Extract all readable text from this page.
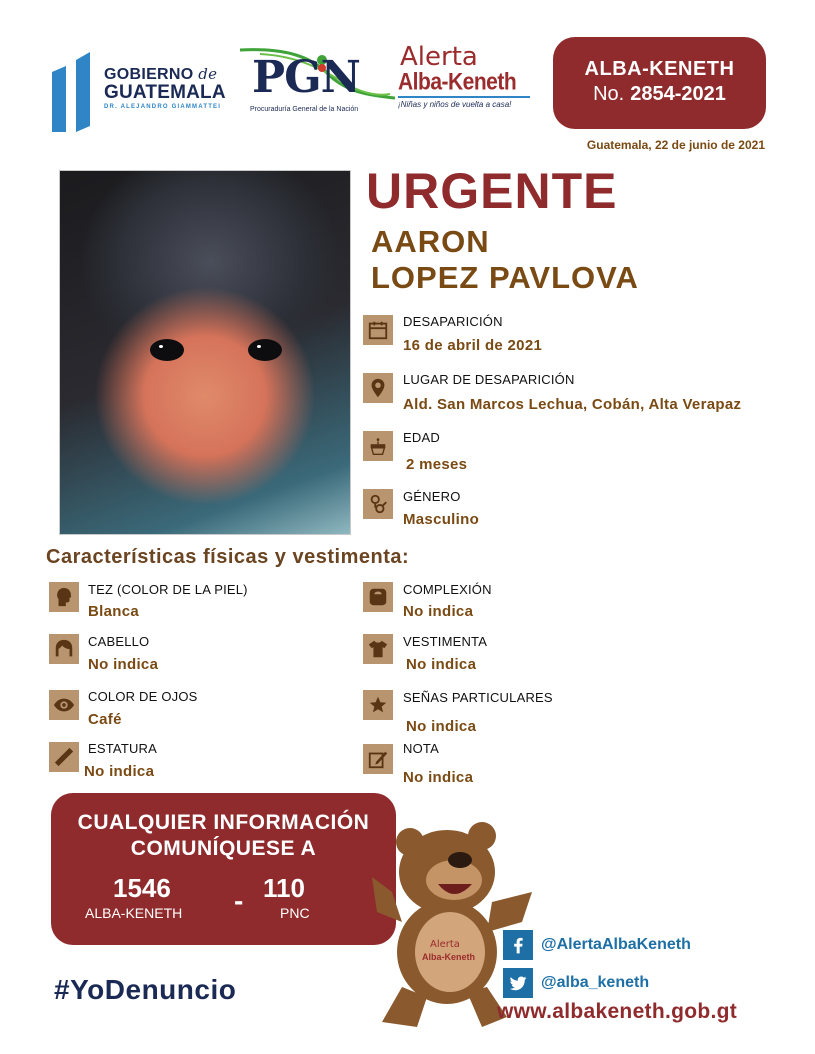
GOBIERNO de
GUATEMALA
DR. ALEJANDRO GIAMMATTEI
PGN
Procuraduría General de la Nación
Alerta
Alba-Keneth
¡Niñas y niños de vuelta a casa!
ALBA-KENETH
No. 2854-2021
Guatemala, 22 de junio de 2021
URGENTE
AARON
LOPEZ PAVLOVA
DESAPARICIÓN
16 de abril de 2021
LUGAR DE DESAPARICIÓN
Ald. San Marcos Lechua, Cobán, Alta Verapaz
EDAD
2 meses
GÉNERO
Masculino
Características físicas y vestimenta:
TEZ (COLOR DE LA PIEL)
Blanca
CABELLO
No indica
COLOR DE OJOS
Café
ESTATURA
No indica
COMPLEXIÓN
No indica
VESTIMENTA
No indica
SEÑAS PARTICULARES
No indica
NOTA
No indica
CUALQUIER INFORMACIÓN
COMUNÍQUESE A
1546
ALBA-KENETH - 110
PNC
Alerta
Alba-Keneth
@AlertaAlbaKeneth
@alba_keneth
www.albakeneth.gob.gt
#YoDenuncio
